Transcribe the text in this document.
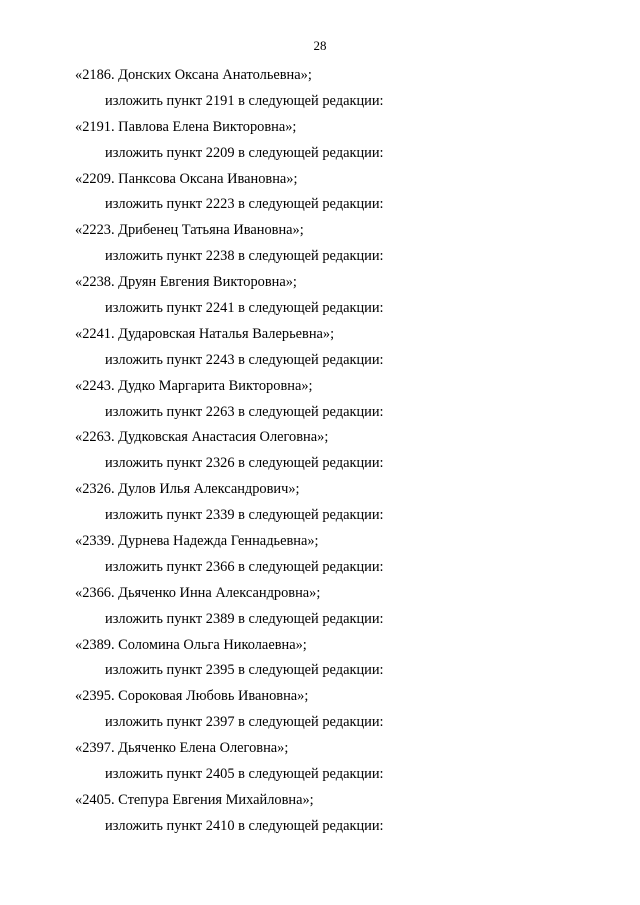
28
«2186. Донских Оксана Анатольевна»;
изложить пункт 2191 в следующей редакции:
«2191. Павлова Елена Викторовна»;
изложить пункт 2209 в следующей редакции:
«2209. Панксова Оксана Ивановна»;
изложить пункт 2223 в следующей редакции:
«2223. Дрибенец Татьяна Ивановна»;
изложить пункт 2238 в следующей редакции:
«2238. Друян Евгения Викторовна»;
изложить пункт 2241 в следующей редакции:
«2241. Дударовская Наталья Валерьевна»;
изложить пункт 2243 в следующей редакции:
«2243. Дудко Маргарита Викторовна»;
изложить пункт 2263 в следующей редакции:
«2263. Дудковская Анастасия Олеговна»;
изложить пункт 2326 в следующей редакции:
«2326. Дулов Илья Александрович»;
изложить пункт 2339 в следующей редакции:
«2339. Дурнева Надежда Геннадьевна»;
изложить пункт 2366 в следующей редакции:
«2366. Дьяченко Инна Александровна»;
изложить пункт 2389 в следующей редакции:
«2389. Соломина Ольга Николаевна»;
изложить пункт 2395 в следующей редакции:
«2395. Сороковая Любовь Ивановна»;
изложить пункт 2397 в следующей редакции:
«2397. Дьяченко Елена Олеговна»;
изложить пункт 2405 в следующей редакции:
«2405. Степура Евгения Михайловна»;
изложить пункт 2410 в следующей редакции:
